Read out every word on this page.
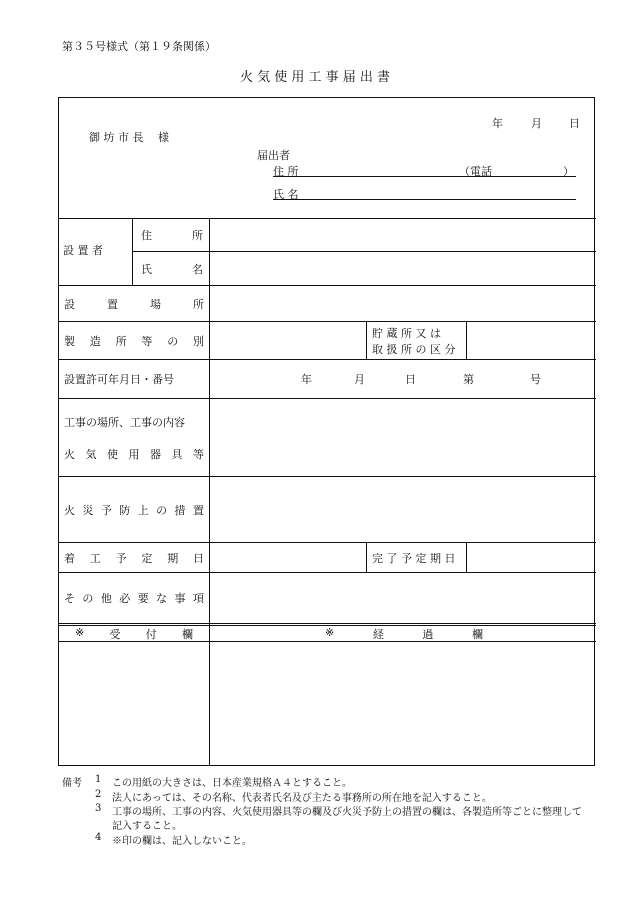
第３５号様式（第１９条関係）
火 気 使 用 工 事 届 出 書
年	月 日
御 坊 市 長　 様
届出者
住 所	（電話	）
氏 名
設 置 者
住	所
氏	名
設	置	場	所
製 造 所 等 の 別
貯 蔵 所 又 は
取 扱 所 の 区 分
設置許可年月日・番号	年	月	日	第	号
工事の場所、工事の内容
火 気 使 用 器 具 等
火 災 予 防 上 の 措 置
着 工 予 定 期 日	完 了 予 定 期 日
そ の 他 必 要 な 事 項
※ 受 付 欄	※	経	過	欄
備考 1 この用紙の大きさは、日本産業規格Ａ４とすること。
2 法人にあっては、その名称、代表者氏名及び主たる事務所の所在地を記入すること。
3 工事の場所、工事の内容、火気使用器具等の欄及び火災予防上の措置の欄は、各製造所等ごとに整理して
記入すること。
4 ※印の欄は、記入しないこと。
